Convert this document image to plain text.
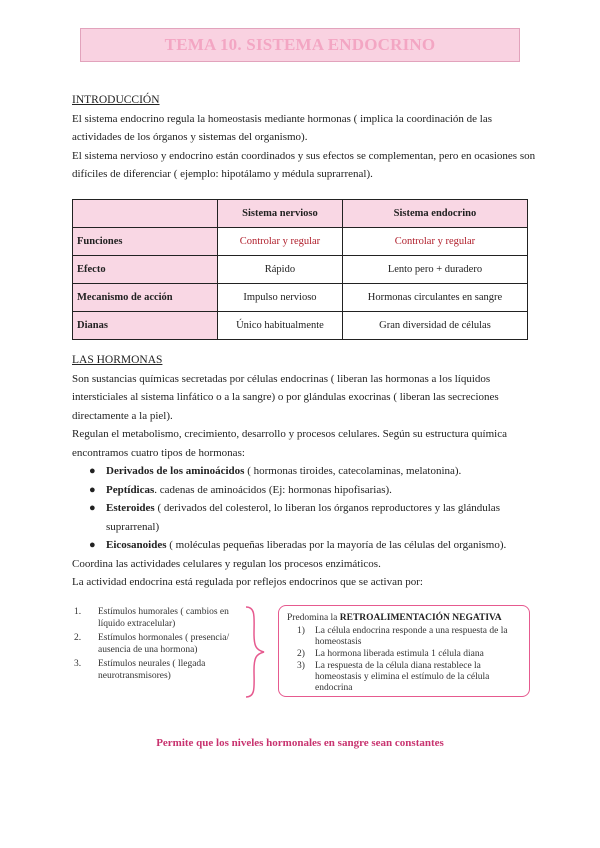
TEMA 10. SISTEMA ENDOCRINO
INTRODUCCIÓN

El sistema endocrino regula la homeostasis mediante hormonas ( implica la coordinación de las actividades de los órganos y sistemas del organismo).

El sistema nervioso y endocrino están coordinados y sus efectos se complementan, pero en ocasiones son difíciles de diferenciar ( ejemplo: hipotálamo y médula suprarrenal).

	Sistema nervioso	Sistema endocrino
Funciones	Controlar y regular	Controlar y regular
Efecto	Rápido	Lento pero + duradero
Mecanismo de acción	Impulso nervioso	Hormonas circulantes en sangre
Dianas	Único habitualmente	Gran diversidad de células
LAS HORMONAS

Son sustancias químicas secretadas por células endocrinas ( liberan las hormonas a los líquidos intersticiales al sistema linfático o a la sangre) o por glándulas exocrinas ( liberan las secreciones directamente a la piel).

Regulan el metabolismo, crecimiento, desarrollo y procesos celulares. Según su estructura química encontramos cuatro tipos de hormonas:

● Derivados de los aminoácidos ( hormonas tiroides, catecolaminas, melatonina).
● Peptídicas. cadenas de aminoácidos (Ej: hormonas hipofisarias).
● Esteroides ( derivados del colesterol, lo liberan los órganos reproductores y las glándulas suprarrenal)
● Eicosanoides ( moléculas pequeñas liberadas por la mayoría de las células del organismo).

Coordina las actividades celulares y regulan los procesos enzimáticos.

La actividad endocrina está regulada por reflejos endocrinos que se activan por:

1. Estímulos humorales ( cambios en líquido extracelular)
2. Estímulos hormonales ( presencia/ ausencia de una hormona)
3. Estímulos neurales ( llegada neurotransmisores)
Predomina la RETROALIMENTACIÓN NEGATIVA
1) La célula endocrina responde a una respuesta de la homeostasis
2) La hormona liberada estimula 1 célula diana
3) La respuesta de la célula diana restablece la homeostasis y elimina el estímulo de la célula endocrina
Permite que los niveles hormonales en sangre sean constantes
